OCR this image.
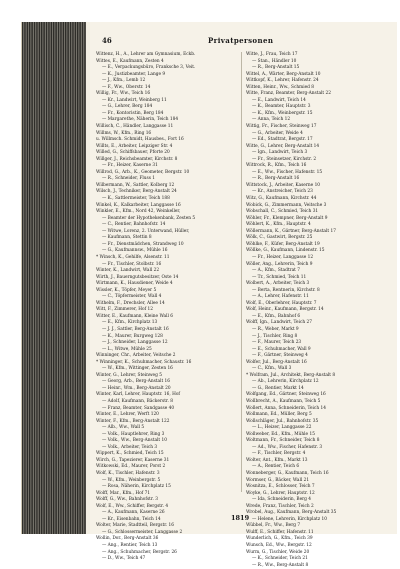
46	Privatpersonen
Wittenz, H., A., Lehrer am Gymnasium, Eckb.
Wittes, E., Kaufmann, Zesten 4
— E., Verpackungsbüro, Franksche 3, Veit.
— K., Justizbeamter, Lange 9
— J., Kfm., Lemb 12
— F., Ww., Oberstr. 14
Willig, Fr., Ww., Teich 16
— Kr., Landwirt, Weinberg 11
— G., Lehrer, Berg 184
— Fr., Kontoristin, Berg 184
— Margarethe, Näherin, Teich 184
Willisch, C., Händler, Langgasse 11
Willms, W., Kfm., Ring 16
u. Willmsch. Schmidt, Hausbes., Fort 16
Willts, E., Arbeiter, Leipziger Str. 4
Willed, G., Schiffsbauer, Pforte 20
Willger, J., Reichsbeamter, Kirchstr. 8
— Fr., Heizer, Kaserne 31
Willrod, G., Arb., K., Geometer, Bergstr. 10
— R., Schneider, Fluss 1
Wilbermann, W., Sattler, Kolberg 12
Wilsch, J., Techniker, Berg-Anstalt 24
— K., Sattlermeister, Teich 188
Winkel, K., Kalkarbeiter, Langgasse 16
Winkler, E., Kfm., Nord 42, Weinkeller,
— Beamter der Hypothekenbank, Zesten 5
— C., Rentier, Bahnhofstr. 14
— Witwe, Lorenz, 2. Unterwand, Hüller,
— Kaufmann, Stettin 8
— Fr., Dienstmädchen, Strandweg 10
— G., Kaufmannsw., Mühle 16
* Winsch, K., Gehilfe, Alsenstr. 11
— Fr., Tischler, Stolbstr. 16
Winter, K., Landwirt, Wall 22
Wirth, J., Bauerngutsbesitzer, Oste 14
Wirtmann, K., Hausdiener, Weide 4
Wissler, K., Töpfer, Meyer 5
— C., Töpfermeister, Wall 4
Withelm, F., Drechsler, Allee 14
Witt, F., Zimmerer, Hof 12
Witter, E., Kaufmann, Kleine Wall 6
— E., Kfm., Kirchplatz 13
— J. J., Sattler, Berg-Anstalt 16
— K., Maurer, Burgweg 128
— J., Schneider, Langgasse 12
— L., Witwe, Mühle 25
Winninger, Chr., Arbeiter, Veitsche 2
* Winninger, K., Schuhmacher, Schaustr. 16
— W., Kfm., Wittinger, Zesten 16
Winter, G., Lehrer, Steinweg 5
— Georg, Arb., Berg-Anstalt 16
— Heinr., Wm., Berg-Anstalt 20
Winter, Karl, Lehrer, Hauptstr. 16, Hof
— Adolf, Kaufmann, Bäckerstr. 8
— Franz, Beamter, Sandgasse 40
Winter, E., Lehrer, Werft 120
Winter, F., Kfm., Berg-Anstalt 122
— Alb., Ww., Wall 5
— Volk., Hauptlehrer, Ring 3
— Volk., Ww., Berg-Anstalt 10
— Volk., Arbeiter, Teich 3
Wippert, K., Schmied, Teich 15
Wirch, G., Tapezierer, Kaserne 31
Witkowski, Ed., Maurer, Porst 2
Wolf, K., Tischler, Hafenstr. 3
— W., Kfm., Weinbergstr. 5
— Rosa, Näherin, Kirchplatz 15
Wolff, Mar., Kfm., Hof 71
Wolff, G., Ww., Bahnhofstr. 3
Wolf, E., Ww., Schiffer, Bergstr. 4
— A., Kaufmann, Kaserne 26
— Kr., Eisenbahn, Teich 14
Wolter, Marie, Stadtteil, Bergstr. 16
— G., Schlossermeister, Langgasse 2
Wollin, Dor., Berg-Anstalt 36
— Ang., Rentier, Teich 13
— Ang., Schuhmacher, Bergstr. 26
— D., Ww., Teich 47
Witte, J., Frau, Teich 17
— Stan., Händler 10
— R., Berg-Anstalt 15
Wittel, A., Wärter, Berg-Anstalt 10
Wittkopf, K., Lehrer, Hafenstr. 24
Witten, Heinr., Ww., Schmied 8
Witte, Franz, Beamter, Berg-Anstalt 22
— E., Landwirt, Teich 14
— K., Beamter, Hauptstr. 3
— K., Kfm., Weinbergstr. 15
— Anna, Teich 12
Wittig, Fr., Fischer, Steinweg 17
— G., Arbeiter, Weide 4
— Ed., Stadtrat, Bergstr. 17
Witte, G., Lehrer, Berg-Anstalt 14
— Ign., Landwirt, Teich 3
— Fr., Steinsetzer, Kirchstr. 2
Wittrock, R., Kfm., Teich 16
— E., Ww., Fischer, Hafenstr. 15
— R., Berg-Anstalt 16
Wittstock, J., Arbeiter, Kaserne 10
— Kr., Anstreicher, Teich 23
Witz, G., Kaufmann, Kirchstr. 44
Wobick, G., Zimmermann, Veitsche 3
Wobschall, C., Schmied, Teich 31
Wöhler, Fr., Klempner, Berg-Anstalt 9
Wöhlert, K., Kfm., Hauptstr. 4
Wöllermann, K., Gärtner, Berg-Anstalt 17
Wölk, C., Gastwirt, Bergstr. 25
Wöhlke, F., Küfer, Berg-Anstalt 19
Wöllke, G., Kaufmann, Lindenstr. 15
— Fr., Heizer, Langgasse 12
Wöller, Ang., Lehrerin, Teich 9
— A., Kfm., Stadtrat 7
— Tr., Schmied, Teich 11
Wolbert, A., Arbeiter, Teich 3
— Berta, Rentnerin, Kirchstr. 8
— A., Lehrer, Hafenstr. 11
Wolf, E., Oberlehrer, Hauptstr. 7
Wolf, Heinr., Kaufmann, Bergstr. 14
— E., Kfm., Bahnhof 6
Wolff, Ign., Landwirt, Teich 27
— R., Weber, Markt 9
— J., Tischler, Ring 8
— F., Maurer, Teich 23
— E., Schuhmacher, Wall 9
— F., Gärtner, Steinweg 4
Wolfer, Jul., Berg-Anstalt 16
— C., Kfm., Wall 3
* Wolfram, Jul., Architekt, Berg-Anstalt 8
— Ab., Lehrerin, Kirchplatz 12
— G., Rentier, Markt 14
Wolfgang, Ed., Gärtner, Steinweg 16
Wollbrecht, A., Kaufmann, Teich 5
Wollert, Anna, Schneiderin, Teich 14
Wollmann, Ed., Müller, Berg 5
Wollschläger, Jul., Bahnhofstr. 35
— L., Heizer, Langgasse 22
Wollweber, Ed., Kfm., Mühle 15
Woltmann, Fr., Schneider, Teich 8
— Ad., Ww., Fischer, Hafenstr. 3
— F., Tischler, Bergstr. 4
Wolter, Ant., Kfm., Markt 13
— A., Rentier, Teich 6
Wonneberger, G., Kaufmann, Teich 16
Wormser, G., Bäcker, Wall 21
Wosnitza, E., Schlosser, Teich 7
Woyke, G., Lehrer, Hauptstr. 12
— Ida, Schneiderin, Berg 4
Wrede, Franz, Tischler, Teich 2
Wrobel, Aug., Kaufmann, Berg-Anstalt 35
— Helene, Lehrerin, Kirchplatz 10
Wübbel, Fr., Ww., Berg 7
Wulff, E., Schiffer, Hafenstr. 11
Wunderlich, G., Kfm., Teich 39
Wunsch, Ed., Ww., Bergstr. 12
Wurm, G., Tischler, Weide 20
— K., Schneider, Teich 21
— R., Ww., Berg-Anstalt 8
1819
